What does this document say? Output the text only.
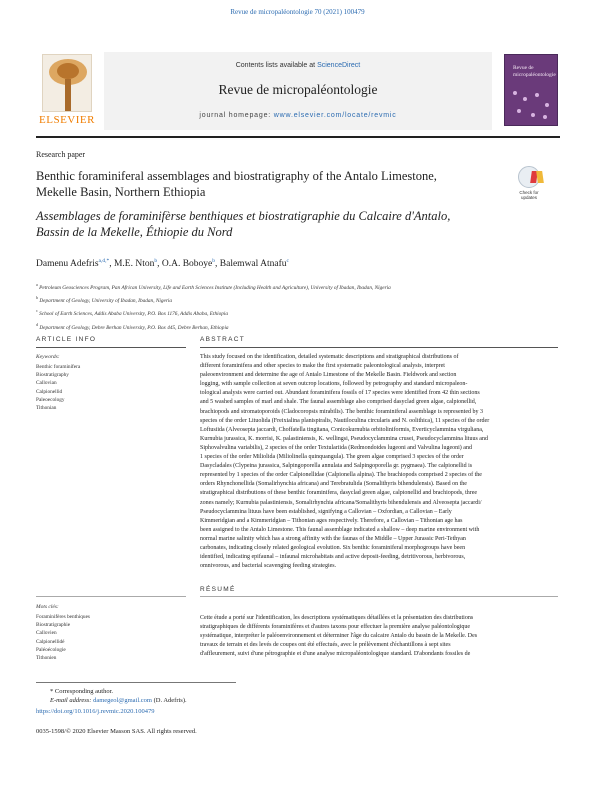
Revue de micropaléontologie 70 (2021) 100479
ELSEVIER
Contents lists available at ScienceDirect
Revue de micropaléontologie
journal homepage: www.elsevier.com/locate/revmic
Revue de micropaléontologie
Research paper
Benthic foraminiferal assemblages and biostratigraphy of the Antalo Limestone, Mekelle Basin, Northern Ethiopia
Assemblages de foraminifèrse benthiques et biostratigraphie du Calcaire d'Antalo, Bassin de la Mekelle, Éthiopie du Nord
Check for
updates
Damenu Adefris$^{a,d,*}$, M.E. Nton$^b$, O.A. Boboye$^b$, Balemwal Atnafu$^c$
$^a$ Petroleum Geosciences Program, Pan African University, Life and Earth Sciences Institute (Including Health and Agriculture), University of Ibadan, Ibadan, Nigeria
$^b$ Department of Geology, University of Ibadan, Ibadan, Nigeria
$^c$ School of Earth Sciences, Addis Ababa University, P.O. Box 1176, Addis Ababa, Ethiopia
$^d$ Department of Geology, Debre Berhan University, P.O. Box 445, Debre Berhan, Ethiopia
ARTICLE INFO	ABSTRACT
Keywords:
Benthic foraminifera
Biostratigraphy
Callovian
Calpionellid
Paleoecology
Tithonian
This study focused on the identification, detailed systematic descriptions and stratigraphical distributions of
different foraminifera and other species to make the first systematic paleontological analysis, interpret
paleoenvironment and determine the age of Antalo Limestone of the Mekelle Basin. Fieldwork and section
logging, with sample collection at seven outcrop locations, followed by petrography and standard micropaleon-
tological analysis were carried out. Abundant foraminifera fossils of 17 species were identified from 42 thin sections
and 5 washed samples of marl and shale. The faunal assemblage also comprised dasyclad green algae, calpionellid,
brachiopods and stromatoporoids (Cladocoropsis mirabilis). The benthic foraminiferal assemblage is represented by 3
species of the order Lituolida (Freixialina planispiralis, Nautiloculina circularis and N. oolithica), 11 species of the order
Loftusiida (Alveosepta jaccardi, Choffatella tingitana, Conicokurnubia orbitoliniformis, Everticyclammina virguliana,
Kurnubia jurassica, K. morrisi, K. palastiniensis, K. wellingsi, Pseudocyclammina crusei, Pseudocyclammina lituus and
Siphovalvulina variabilis), 2 species of the order Textulariida (Redmondoides lugeoni and Valvulina lugeoni) and
1 species of the order Miliolida (Miliolinella quinquangula). The green algae comprised 3 species of the order
Dasycladales (Clypeina jurassica, Salpingoporella annulata and Salpingoporella gr. pygmaea). The calpionellid is
represented by 1 species of the order Calpionellidae (Calpionella alpina). The brachiopods comprised 2 species of the
orders Rhynchonellida (Somalirhynchia africana) and Terebratulida (Somalithyris bihendulensis). Based on the
stratigraphical distributions of these benthic foraminifera, dasyclad green algae, calpionellid and brachiopods, three
zones namely; Kurnubia palastiniensis, Somalirhynchia africana/Somalithyris bihendulensis and Alveosepta jaccardi/
Pseudocyclammina lituus have been established, signifying a Callovian – Oxfordian, a Callovian – Early
Kimmeridgian and a Kimmeridgian – Tithonian ages respectively. Therefore, a Callovian – Tithonian age has
been assigned to the Antalo Limestone. This faunal assemblage indicated a shallow – deep marine environment with
normal marine salinity which has a strong affinity with the faunas of the Middle – Upper Jurassic Peri-Tethyan
carbonates, indicating closely related geological evolution. Six benthic foraminiferal morphogroups have been
identified, indicating epifaunal – infaunal microhabitats and active deposit-feeding, detritivorous, herbivorous,
omnivorous, and bacterial scavenging feeding strategies.
RÉSUMÉ
Mots clés:
Foraminifères benthiques
Biostratigraphie
Callovien
Calpionellidé
Paléoécologie
Tithonien
Cette étude a porté sur l'identification, les descriptions systématiques détaillées et la présentation des distributions
stratigraphiques de différents foraminifères et d'autres taxons pour effectuer la première analyse paléontologique
systématique, interpréter le paléoenvironnement et déterminer l'âge du calcaire Antalo du bassin de la Mekelle. Des
travaux de terrain et des levés de coupes ont été effectués, avec le prélèvement d'échantillons à sept sites
d'affleurement, suivi d'une pétrographie et d'une analyse micropaléontologique standard. D'abondants fossiles de
* Corresponding author.
E-mail address: damegeol@gmail.com (D. Adefris).
https://doi.org/10.1016/j.revmic.2020.100479
0035-1598/© 2020 Elsevier Masson SAS. All rights reserved.
